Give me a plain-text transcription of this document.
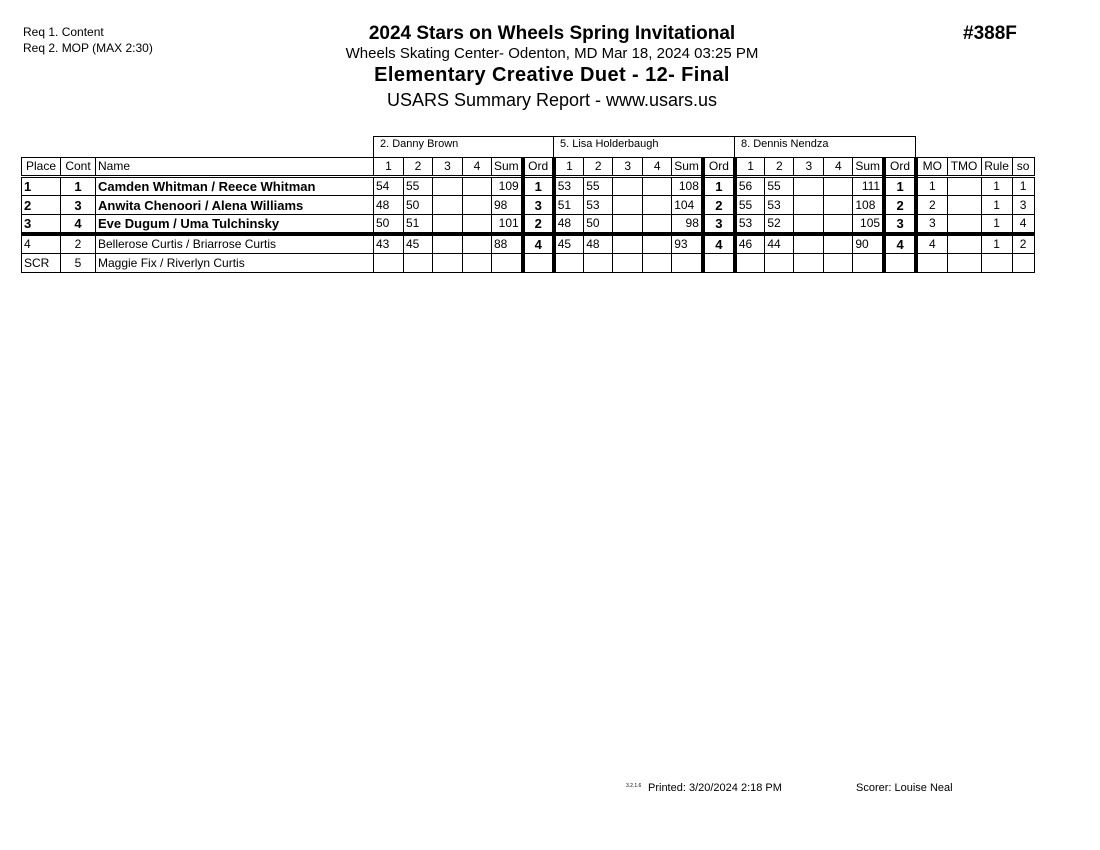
Req 1. Content
Req 2. MOP (MAX 2:30)
2024 Stars on Wheels Spring Invitational
Wheels Skating Center- Odenton, MD Mar 18, 2024 03:25 PM
Elementary Creative Duet - 12- Final
USARS Summary Report - www.usars.us
#388F
2. Danny Brown	5. Lisa Holderbaugh	8. Dennis Nendza
Place	Cont	Name	1	2	3	4	Sum	Ord	1	2	3	4	Sum	Ord	1	2	3	4	Sum	Ord	MO	TMO	Rule	so
1	1	Camden Whitman / Reece Whitman	54	55			109	1	53	55			108	1	56	55			111	1	1		1	1
2	3	Anwita Chenoori / Alena Williams	48	50			98	3	51	53			104	2	55	53			108	2	2		1	3
3	4	Eve Dugum / Uma Tulchinsky	50	51			101	2	48	50			98	3	53	52			105	3	3		1	4
4	2	Bellerose Curtis / Briarrose Curtis	43	45			88	4	45	48			93	4	46	44			90	4	4		1	2
SCR	5	Maggie Fix / Riverlyn Curtis																						
3.2.1.6 Printed: 3/20/2024 2:18 PM	Scorer: Louise Neal
